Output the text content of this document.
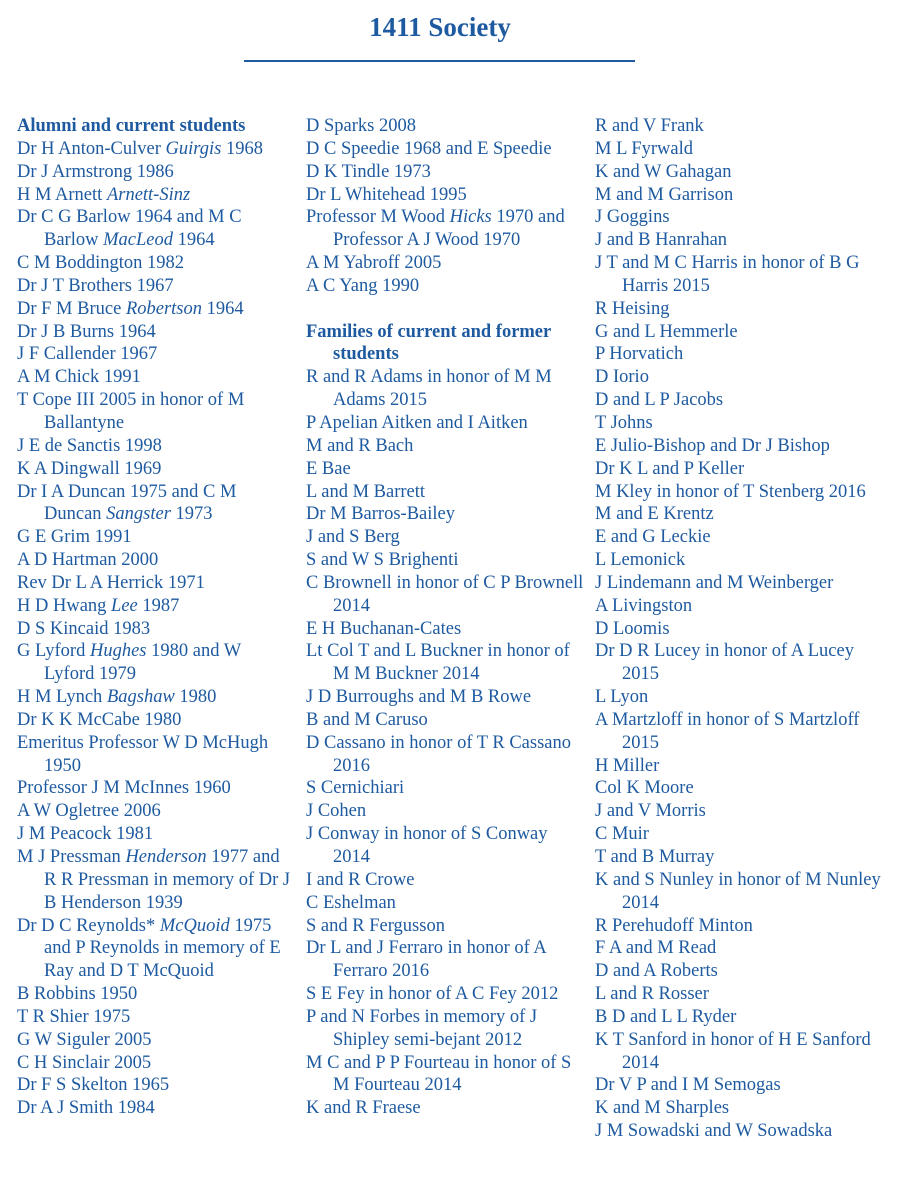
1411 Society
Alumni and current students

Dr H Anton-Culver Guirgis 1968

Dr J Armstrong 1986

H M Arnett Arnett-Sinz

Dr C G Barlow 1964 and M C Barlow MacLeod 1964

C M Boddington 1982

Dr J T Brothers 1967

Dr F M Bruce Robertson 1964

Dr J B Burns 1964

J F Callender 1967

A M Chick 1991

T Cope III 2005 in honor of M Ballantyne

J E de Sanctis 1998

K A Dingwall 1969

Dr I A Duncan 1975 and C M Duncan Sangster 1973

G E Grim 1991

A D Hartman 2000

Rev Dr L A Herrick 1971

H D Hwang Lee 1987

D S Kincaid 1983

G Lyford Hughes 1980 and W Lyford 1979

H M Lynch Bagshaw 1980

Dr K K McCabe 1980

Emeritus Professor W D McHugh 1950

Professor J M McInnes 1960

A W Ogletree 2006

J M Peacock 1981

M J Pressman Henderson 1977 and R R Pressman in memory of Dr J B Henderson 1939

Dr D C Reynolds* McQuoid 1975 and P Reynolds in memory of E Ray and D T McQuoid

B Robbins 1950

T R Shier 1975

G W Siguler 2005

C H Sinclair 2005

Dr F S Skelton 1965

Dr A J Smith 1984

D Sparks 2008

D C Speedie 1968 and E Speedie

D K Tindle 1973

Dr L Whitehead 1995

Professor M Wood Hicks 1970 and Professor A J Wood 1970

A M Yabroff 2005

A C Yang 1990

Families of current and former students

R and R Adams in honor of M M Adams 2015

P Apelian Aitken and I Aitken

M and R Bach

E Bae

L and M Barrett

Dr M Barros-Bailey

J and S Berg

S and W S Brighenti

C Brownell in honor of C P Brownell 2014

E H Buchanan-Cates

Lt Col T and L Buckner in honor of M M Buckner 2014

J D Burroughs and M B Rowe

B and M Caruso

D Cassano in honor of T R Cassano 2016

S Cernichiari

J Cohen

J Conway in honor of S Conway 2014

I and R Crowe

C Eshelman

S and R Fergusson

Dr L and J Ferraro in honor of A Ferraro 2016

S E Fey in honor of A C Fey 2012

P and N Forbes in memory of J Shipley semi-bejant 2012

M C and P P Fourteau in honor of S M Fourteau 2014

K and R Fraese

R and V Frank

M L Fyrwald

K and W Gahagan

M and M Garrison

J Goggins

J and B Hanrahan

J T and M C Harris in honor of B G Harris 2015

R Heising

G and L Hemmerle

P Horvatich

D Iorio

D and L P Jacobs

T Johns

E Julio-Bishop and Dr J Bishop

Dr K L and P Keller

M Kley in honor of T Stenberg 2016

M and E Krentz

E and G Leckie

L Lemonick

J Lindemann and M Weinberger

A Livingston

D Loomis

Dr D R Lucey in honor of A Lucey 2015

L Lyon

A Martzloff in honor of S Martzloff 2015

H Miller

Col K Moore

J and V Morris

C Muir

T and B Murray

K and S Nunley in honor of M Nunley 2014

R Perehudoff Minton

F A and M Read

D and A Roberts

L and R Rosser

B D and L L Ryder

K T Sanford in honor of H E Sanford 2014

Dr V P and I M Semogas

K and M Sharples

J M Sowadski and W Sowadska
